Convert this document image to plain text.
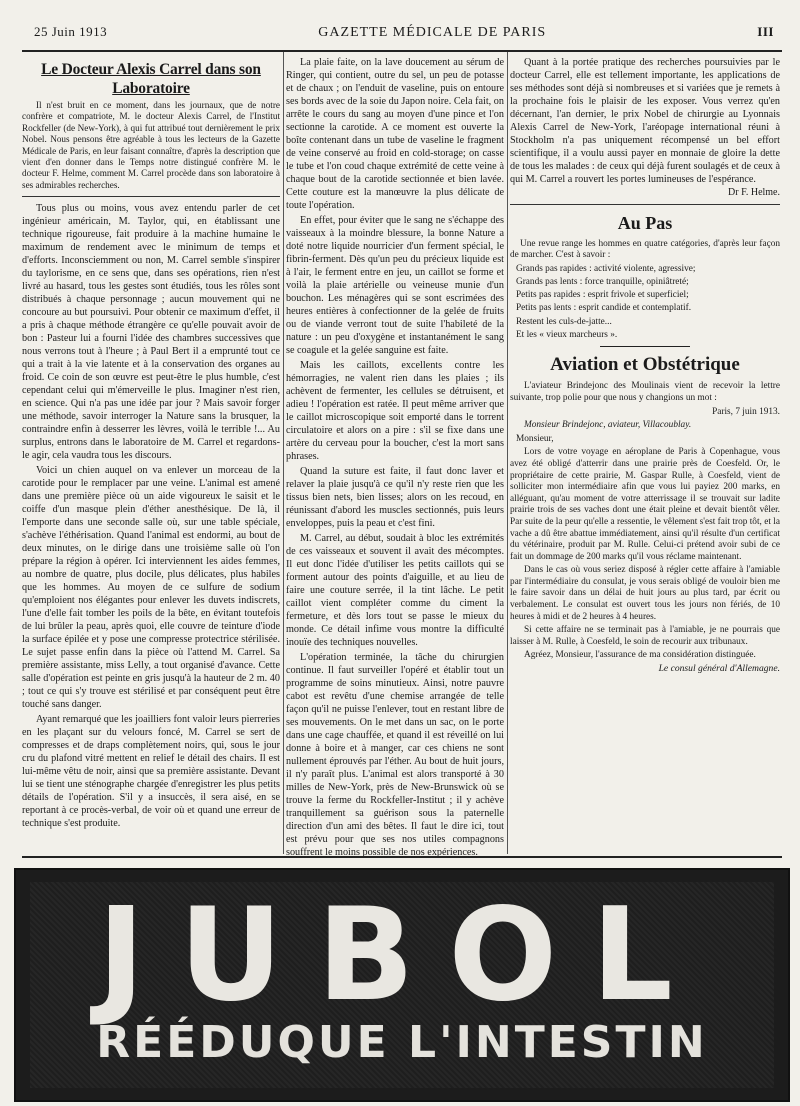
25 Juin 1913	GAZETTE MÉDICALE DE PARIS	III
Le Docteur Alexis Carrel dans son Laboratoire

Il n'est bruit en ce moment, dans les journaux, que de notre confrère et compatriote, M. le docteur Alexis Carrel, de l'Institut Rockfeller (de New-York), à qui fut attribué tout dernièrement le prix Nobel. Nous pensons être agréable à tous les lecteurs de la Gazette Médicale de Paris, en leur faisant connaître, d'après la description que vient d'en donner dans le Temps notre distingué confrère M. le docteur F. Helme, comment M. Carrel procède dans son laboratoire à ses admirables recherches.

Tous plus ou moins, vous avez entendu parler de cet ingénieur américain, M. Taylor, qui, en établissant une technique rigoureuse, fait produire à la machine humaine le maximum de rendement avec le minimum de temps et d'efforts. Inconsciemment ou non, M. Carrel semble s'inspirer du taylorisme, en ce sens que, dans ses opérations, rien n'est livré au hasard, tous les gestes sont étudiés, tous les rôles sont distribués à chaque personnage ; aucun mouvement qui ne concoure au but poursuivi. Pour obtenir ce maximum d'effet, il a pris à chaque méthode étrangère ce qu'elle pouvait avoir de bon : Pasteur lui a fourni l'idée des chambres successives que nous verrons tout à l'heure ; à Paul Bert il a emprunté tout ce qui a trait à la vie latente et à la conservation des organes au froid. Ce coin de son œuvre est peut-être le plus humble, c'est cependant celui qui m'émerveille le plus. Imaginer n'est rien, en science. Qui n'a pas une idée par jour ? Mais savoir forger une méthode, savoir interroger la Nature sans la brusquer, la contraindre enfin à desserrer les lèvres, voilà le terrible !... Au surplus, entrons dans le laboratoire de M. Carrel et regardons-le agir, cela vaudra tous les discours.

Voici un chien auquel on va enlever un morceau de la carotide pour le remplacer par une veine. L'animal est amené dans une première pièce où un aide vigoureux le saisit et le coiffe d'un masque plein d'éther anesthésique. De là, il l'emporte dans une seconde salle où, sur une table spéciale, s'achève l'éthérisation. Quand l'animal est endormi, au bout de deux minutes, on le dirige dans une troisième salle où l'on prépare la région à opérer. Ici interviennent les aides femmes, au nombre de quatre, plus docile, plus délicates, plus habiles que les hommes. Au moyen de ce sulfure de sodium qu'emploient nos élégantes pour enlever les duvets indiscrets, l'une d'elle fait tomber les poils de la bête, en évitant toutefois de lui brûler la peau, après quoi, elle couvre de teinture d'iode la surface épilée et y pose une compresse protectrice stérilisée. Le sujet passe enfin dans la pièce où l'attend M. Carrel. Sa première assistante, miss Lelly, a tout organisé d'avance. Cette salle d'opération est peinte en gris jusqu'à la hauteur de 2 m. 40 ; tout ce qui s'y trouve est stérilisé et par conséquent peut être touché sans danger.

Ayant remarqué que les joailliers font valoir leurs pierreries en les plaçant sur du velours foncé, M. Carrel se sert de compresses et de draps complètement noirs, qui, sous le jour cru du plafond vitré mettent en relief le détail des chairs. Il est lui-même vêtu de noir, ainsi que sa première assistante. Devant lui se tient une sténographe chargée d'enregistrer les plus petits détails de l'opération. S'il y a insuccès, il sera aisé, en se reportant à ce procès-verbal, de voir où et quand une erreur de technique s'est produite.

La plaie faite, on la lave doucement au sérum de Ringer, qui contient, outre du sel, un peu de potasse et de chaux ; on l'enduit de vaseline, puis on entoure ses bords avec de la soie du Japon noire. Cela fait, on arrête le cours du sang au moyen d'une pince et l'on sectionne la carotide. A ce moment est ouverte la boîte contenant dans un tube de vaseline le fragment de veine conservé au froid en cold-storage; on casse le tube et l'on coud chaque extrémité de cette veine à chaque bout de la carotide sectionnée et bien lavée. Cette couture est la manœuvre la plus délicate de toute l'opération.

En effet, pour éviter que le sang ne s'échappe des vaisseaux à la moindre blessure, la bonne Nature a doté notre liquide nourricier d'un ferment spécial, le fibrin-ferment. Dès qu'un peu du précieux liquide est à l'air, le ferment entre en jeu, un caillot se forme et voilà la plaie artérielle ou veineuse munie d'un bouchon. Les ménagères qui se sont escrimées des heures entières à confectionner de la gelée de fruits ou de viande verront tout de suite l'habileté de la nature : un peu d'oxygène et instantanément le sang se coagule et la gelée sanguine est faite.

Mais les caillots, excellents contre les hémorragies, ne valent rien dans les plaies ; ils achèvent de fermenter, les cellules se détruisent, et adieu ! l'opération est ratée. Il peut même arriver que le caillot microscopique soit emporté dans le torrent circulatoire et alors on a pire : s'il se fixe dans une artère du cerveau pour la boucher, c'est la mort sans phrases.

Quand la suture est faite, il faut donc laver et relaver la plaie jusqu'à ce qu'il n'y reste rien que les tissus bien nets, bien lisses; alors on les recoud, en réunissant d'abord les muscles sectionnés, puis leurs enveloppes, puis la peau et c'est fini.

M. Carrel, au début, soudait à bloc les extrémités de ces vaisseaux et souvent il avait des mécomptes. Il eut donc l'idée d'utiliser les petits caillots qui se forment autour des points d'aiguille, et au lieu de faire une couture serrée, il la tint lâche. Le petit caillot vient compléter comme du ciment la fermeture, et dès lors tout se passe le mieux du monde. Ce détail infime vous montre la difficulté inouïe des techniques nouvelles.

L'opération terminée, la tâche du chirurgien continue. Il faut surveiller l'opéré et établir tout un programme de soins minutieux. Ainsi, notre pauvre cabot est revêtu d'une chemise arrangée de telle façon qu'il ne puisse l'enlever, tout en restant libre de ses mouvements. On le met dans un sac, on le porte dans une cage chauffée, et quand il est réveillé on lui donne à boire et à manger, car ces chiens ne sont nullement éprouvés par l'éther. Au bout de huit jours, il n'y paraît plus. L'animal est alors transporté à 30 milles de New-York, près de New-Brunswick où se trouve la ferme du Rockfeller-Institut ; il y achève tranquillement sa guérison sous la paternelle direction d'un ami des bêtes. Il faut le dire ici, tout est prévu pour que ses nos utiles compagnons souffrent le moins possible de nos expériences.

Quant à la portée pratique des recherches poursuivies par le docteur Carrel, elle est tellement importante, les applications de ses méthodes sont déjà si nombreuses et si variées que je remets à la prochaine fois le plaisir de les exposer. Vous verrez qu'en décernant, l'an dernier, le prix Nobel de chirurgie au Lyonnais Alexis Carrel de New-York, l'aréopage international réuni à Stockholm n'a pas uniquement récompensé un bel effort scientifique, il a voulu aussi payer en monnaie de gloire la dette de tous les malades : de ceux qui déjà furent soulagés et de ceux à qui M. Carrel a rouvert les portes lumineuses de l'espérance.

Dr F. Helme.
Au Pas

Une revue range les hommes en quatre catégories, d'après leur façon de marcher. C'est à savoir :

Grands pas rapides : activité violente, agressive;

Grands pas lents : force tranquille, opiniâtreté;

Petits pas rapides : esprit frivole et superficiel;

Petits pas lents : esprit candide et contemplatif.

Restent les culs-de-jatte...

Et les « vieux marcheurs ».

Aviation et Obstétrique

L'aviateur Brindejonc des Moulinais vient de recevoir la lettre suivante, trop polie pour que nous y changions un mot :

Paris, 7 juin 1913.

Monsieur Brindejonc, aviateur, Villacoublay.

Monsieur,

Lors de votre voyage en aéroplane de Paris à Copenhague, vous avez été obligé d'atterrir dans une prairie près de Coesfeld. Or, le propriétaire de cette prairie, M. Gaspar Rulle, à Coesfeld, vient de solliciter mon intermédiaire afin que vous lui payiez 200 marks, en alléguant, qu'au moment de votre atterrissage il se trouvait sur ladite prairie trois de ses vaches dont une était pleine et devait bientôt vêler. Par suite de la peur qu'elle a ressentie, le vêlement s'est fait trop tôt, et la vache a dû être abattue immédiatement, ainsi qu'il résulte d'un certificat du vétérinaire, produit par M. Rulle. Celui-ci prétend avoir subi de ce fait un dommage de 200 marks qu'il vous réclame maintenant.

Dans le cas où vous seriez disposé à régler cette affaire à l'amiable par l'intermédiaire du consulat, je vous serais obligé de vouloir bien me le faire savoir dans un délai de huit jours au plus tard, par écrit ou verbalement. Le consulat est ouvert tous les jours non fériés, de 10 heures à midi et de 2 heures à 4 heures.

Si cette affaire ne se terminait pas à l'amiable, je ne pourrais que laisser à M. Rulle, à Coesfeld, le soin de recourir aux tribunaux.

Agréez, Monsieur, l'assurance de ma considération distinguée.

Le consul général d'Allemagne.
JUBOL
RÉÉDUQUE L'INTESTIN
